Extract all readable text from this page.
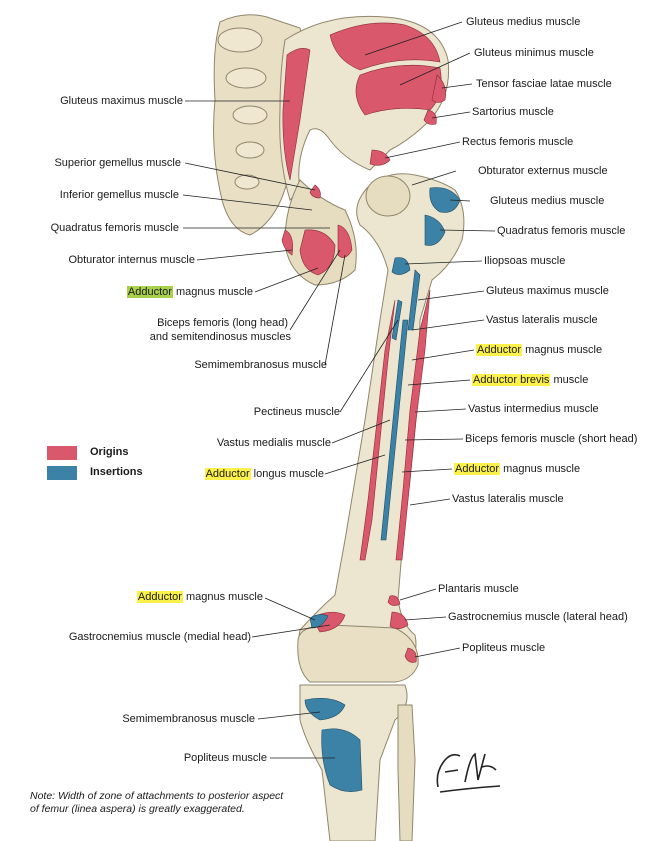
Gluteus medius muscle
Gluteus minimus muscle
Tensor fasciae latae muscle
Sartorius muscle
Rectus femoris muscle
Obturator externus muscle
Gluteus medius muscle
Quadratus femoris muscle
Iliopsoas muscle
Gluteus maximus muscle
Vastus lateralis muscle
Adductor magnus muscle
Adductor brevis muscle
Vastus intermedius muscle
Biceps femoris muscle (short head)
Adductor magnus muscle
Vastus lateralis muscle
Plantaris muscle
Gastrocnemius muscle (lateral head)
Popliteus muscle
Gluteus maximus muscle
Superior gemellus muscle
Inferior gemellus muscle
Quadratus femoris muscle
Obturator internus muscle
Adductor magnus muscle
Biceps femoris (long head)
and semitendinosus muscles
Semimembranosus muscle
Pectineus muscle
Vastus medialis muscle
Adductor longus muscle
Adductor magnus muscle
Gastrocnemius muscle (medial head)
Semimembranosus muscle
Popliteus muscle
Origins
Insertions
Note: Width of zone of attachments to posterior aspect
of femur (linea aspera) is greatly exaggerated.
